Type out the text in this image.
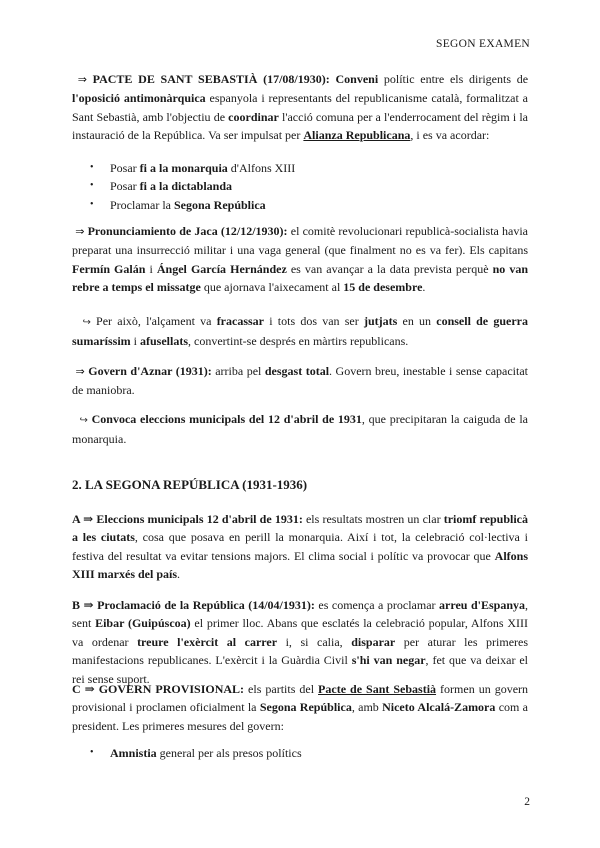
SEGON EXAMEN

⇒ PACTE DE SANT SEBASTIÀ (17/08/1930): Conveni polític entre els dirigents de l'oposició antimonàrquica espanyola i representants del republicanisme català, formalitzat a Sant Sebastià, amb l'objectiu de coordinar l'acció comuna per a l'enderrocament del règim i la instauració de la República. Va ser impulsat per Alianza Republicana, i es va acordar:

• Posar fi a la monarquia d'Alfons XIII
• Posar fi a la dictablanda
• Proclamar la Segona República

⇒ Pronunciamiento de Jaca (12/12/1930): el comitè revolucionari republicà-socialista havia preparat una insurrecció militar i una vaga general (que finalment no es va fer). Els capitans Fermín Galán i Ángel García Hernández es van avançar a la data prevista perquè no van rebre a temps el missatge que ajornava l'aixecament al 15 de desembre.

↪ Per això, l'alçament va fracassar i tots dos van ser jutjats en un consell de guerra sumaríssim i afusellats, convertint-se després en màrtirs republicans.

⇒ Govern d'Aznar (1931): arriba pel desgast total. Govern breu, inestable i sense capacitat de maniobra.

↪ Convoca eleccions municipals del 12 d'abril de 1931, que precipitaran la caiguda de la monarquia.

2. LA SEGONA REPÚBLICA (1931-1936)

A ⇒ Eleccions municipals 12 d'abril de 1931: els resultats mostren un clar triomf republicà a les ciutats, cosa que posava en perill la monarquia. Així i tot, la celebració col·lectiva i festiva del resultat va evitar tensions majors. El clima social i polític va provocar que Alfons XIII marxés del país.

B ⇒ Proclamació de la República (14/04/1931): es comença a proclamar arreu d'Espanya, sent Eibar (Guipúscoa) el primer lloc. Abans que esclatés la celebració popular, Alfons XIII va ordenar treure l'exèrcit al carrer i, si calia, disparar per aturar les primeres manifestacions republicanes. L'exèrcit i la Guàrdia Civil s'hi van negar, fet que va deixar el rei sense suport.

C ⇒ GOVERN PROVISIONAL: els partits del Pacte de Sant Sebastià formen un govern provisional i proclamen oficialment la Segona República, amb Niceto Alcalá-Zamora com a president. Les primeres mesures del govern:

• Amnistia general per als presos polítics
2
